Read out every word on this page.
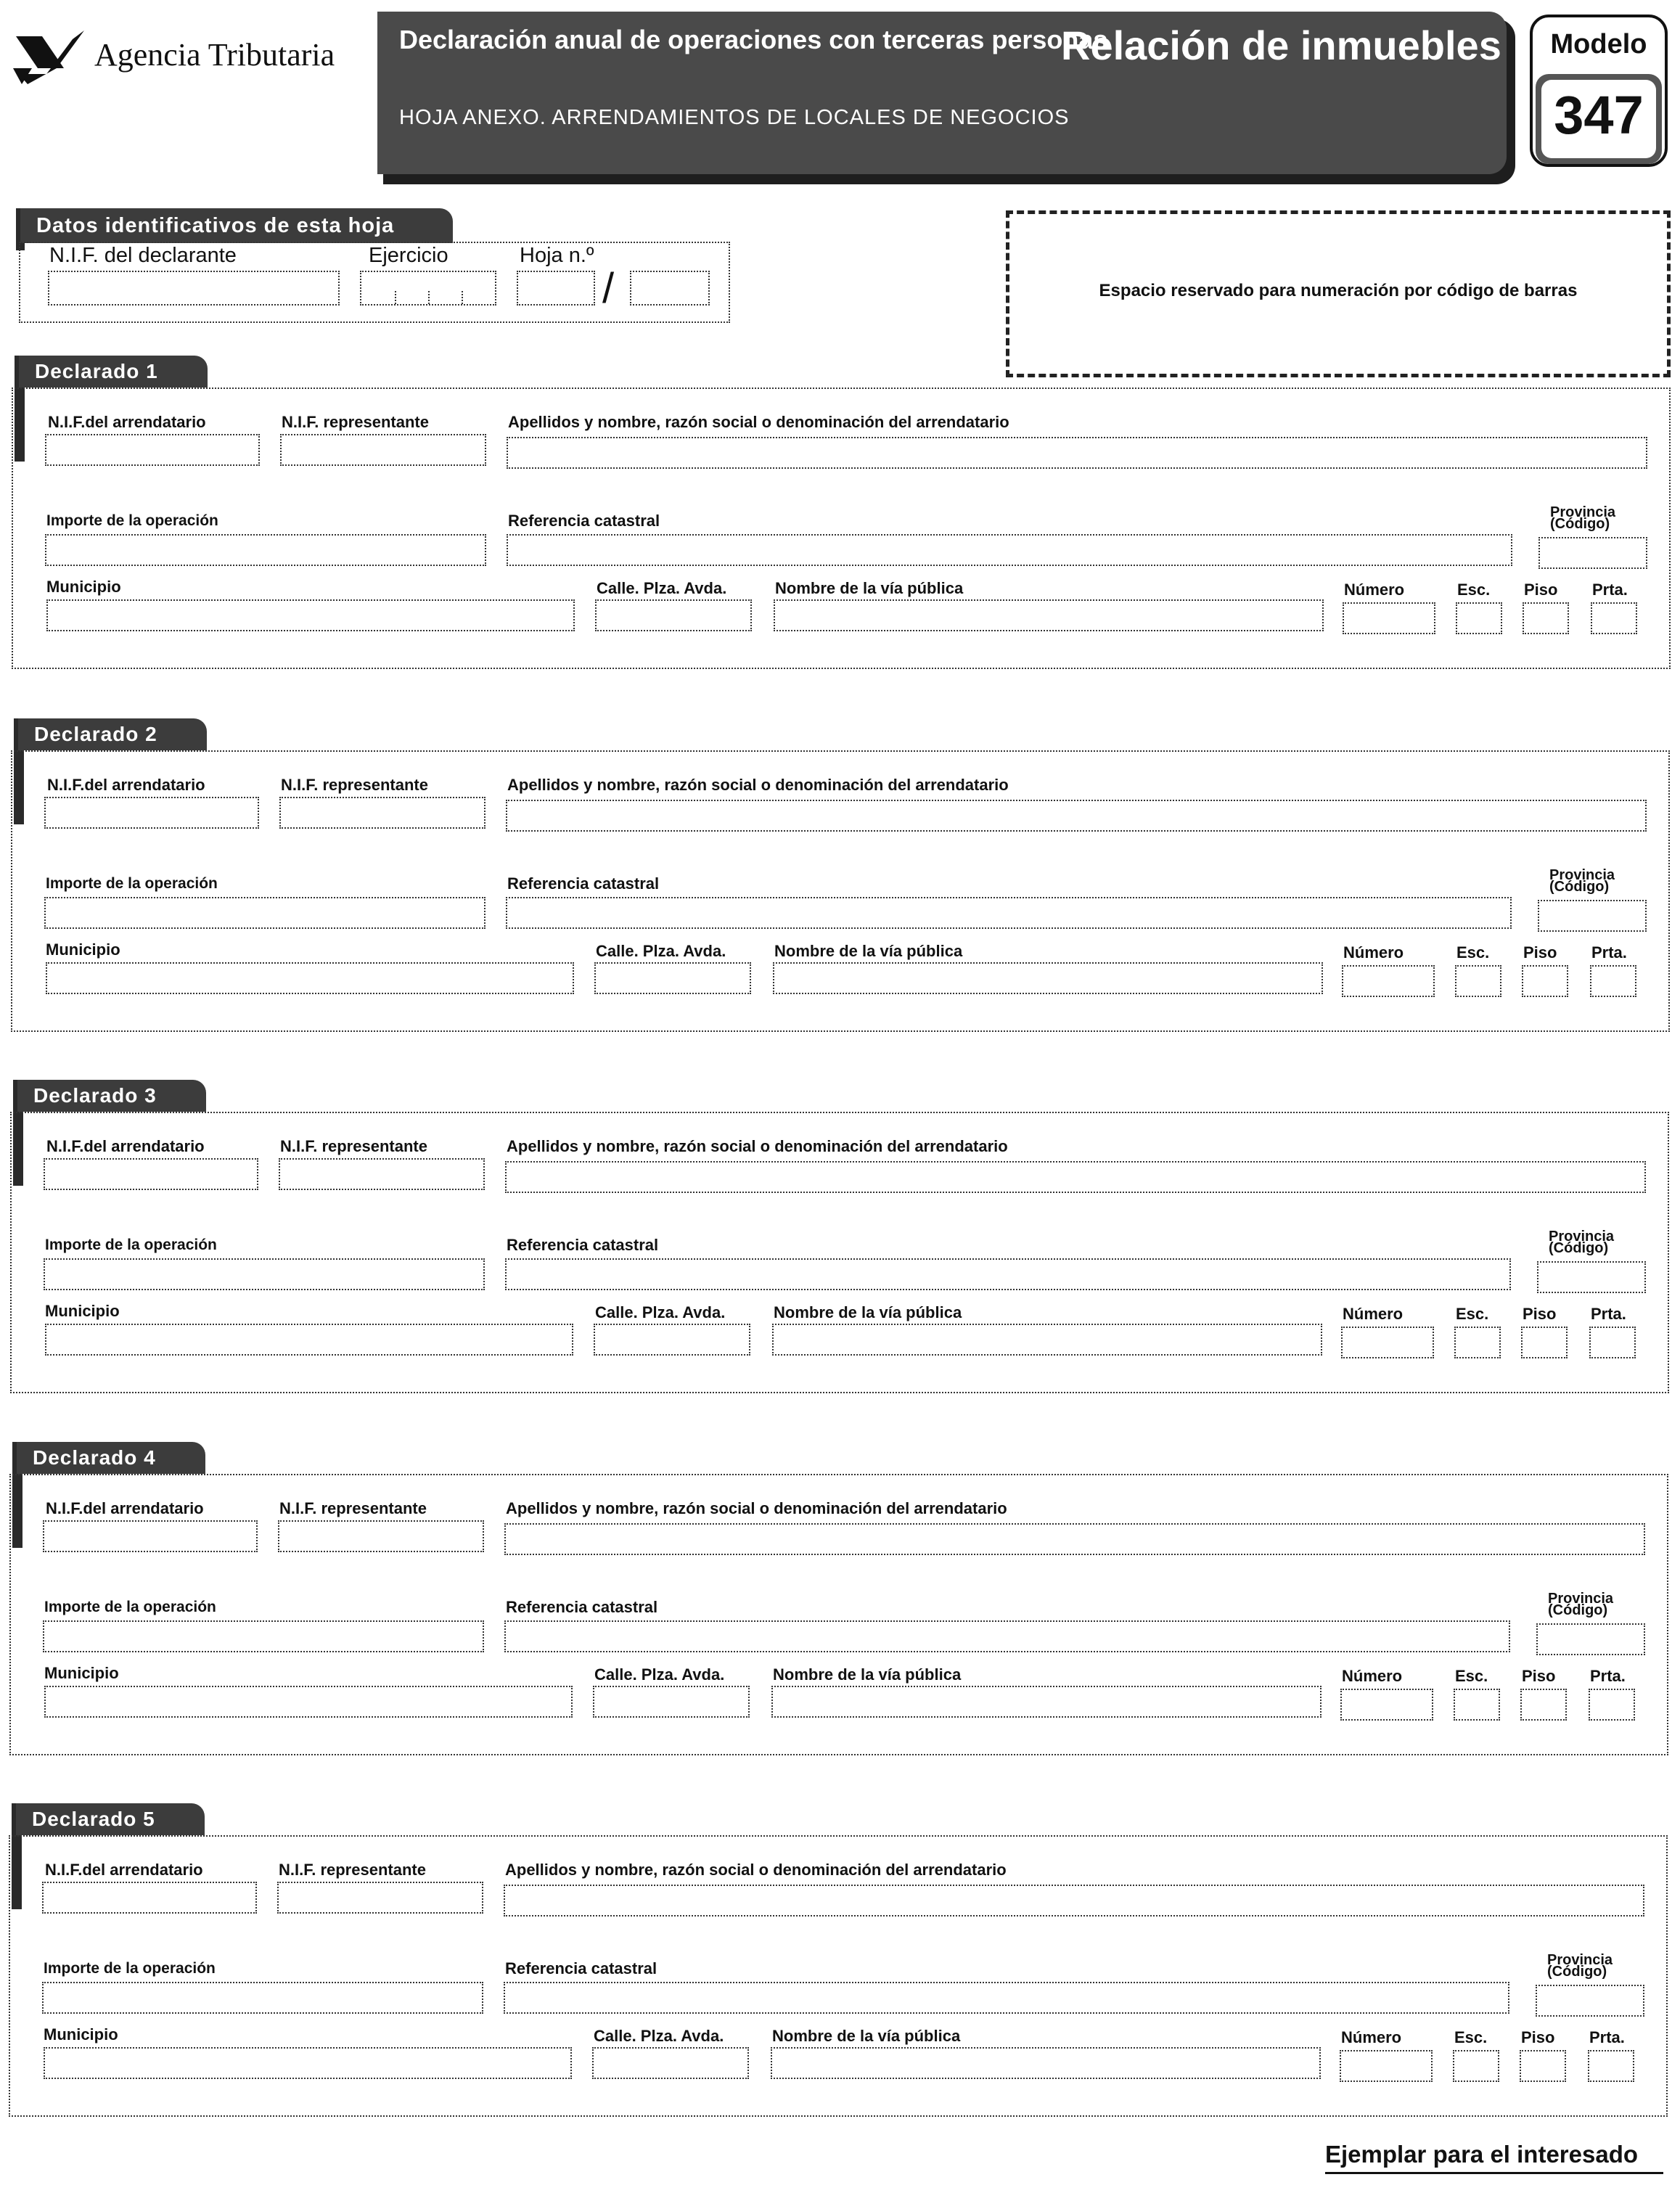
Agencia Tributaria Declaración anual de operaciones con terceras personas
Relación de inmuebles
HOJA ANEXO. ARRENDAMIENTOS DE LOCALES DE NEGOCIOS
Modelo
347
Datos identificativos de esta hoja
N.I.F. del declarante	Ejercicio	Hoja n.º
/	Espacio reservado para numeración por código de barras
Declarado 1
N.I.F.del arrendatario	N.I.F. representante	Apellidos y nombre, razón social o denominación del arrendatario
Importe de la operación	Referencia catastral	Provincia
(Código)
Municipio	Calle. Plza. Avda.	Nombre de la vía pública	Número	Esc. Piso Prta.
Declarado 2
N.I.F.del arrendatario	N.I.F. representante	Apellidos y nombre, razón social o denominación del arrendatario
Importe de la operación	Referencia catastral	Provincia
(Código)
Municipio	Calle. Plza. Avda.	Nombre de la vía pública	Número	Esc. Piso Prta.
Declarado 3
N.I.F.del arrendatario	N.I.F. representante	Apellidos y nombre, razón social o denominación del arrendatario
Importe de la operación	Referencia catastral	Provincia
(Código)
Municipio	Calle. Plza. Avda.	Nombre de la vía pública	Número	Esc. Piso Prta.
Declarado 4
N.I.F.del arrendatario	N.I.F. representante	Apellidos y nombre, razón social o denominación del arrendatario
Importe de la operación	Referencia catastral	Provincia
(Código)
Municipio	Calle. Plza. Avda.	Nombre de la vía pública	Número	Esc. Piso Prta.
Declarado 5
N.I.F.del arrendatario	N.I.F. representante	Apellidos y nombre, razón social o denominación del arrendatario
Importe de la operación	Referencia catastral	Provincia
(Código)
Municipio	Calle. Plza. Avda.	Nombre de la vía pública	Número	Esc. Piso Prta.
Ejemplar para el interesado
